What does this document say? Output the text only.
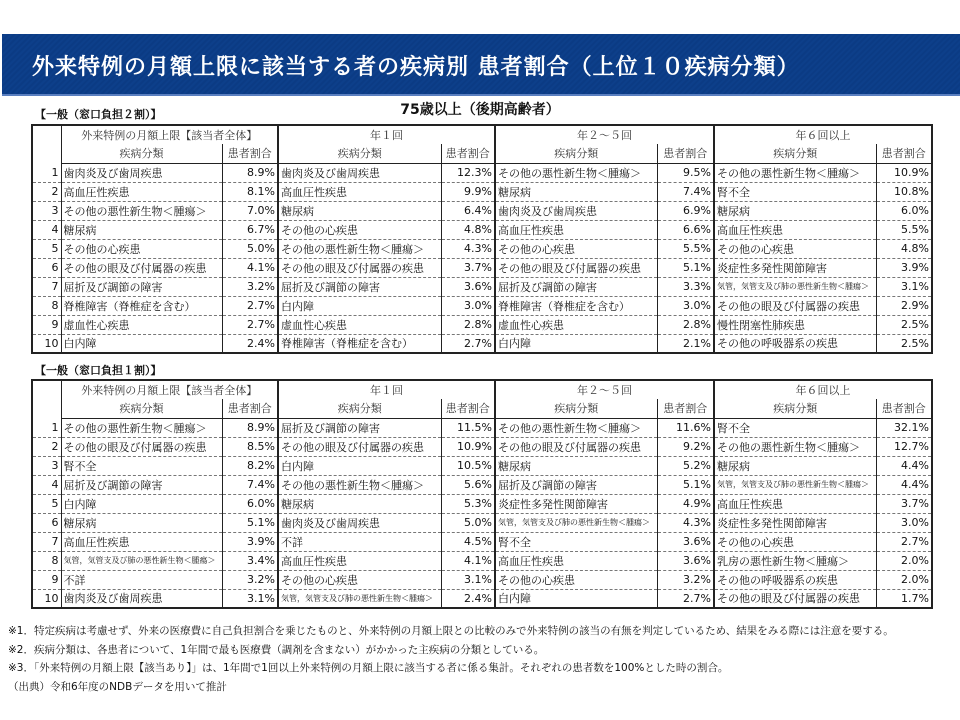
外来特例の月額上限に該当する者の疾病別 患者割合（上位１０疾病分類）
75歳以上（後期高齢者）
【一般（窓口負担２割）】
	外来特例の月額上限【該当者全体】		年１回		年２～５回		年６回以上	
	疾病分類	患者割合	疾病分類	患者割合	疾病分類	患者割合	疾病分類	患者割合
1	歯肉炎及び歯周疾患	8.9%	歯肉炎及び歯周疾患	12.3%	その他の悪性新生物＜腫瘍＞	9.5%	その他の悪性新生物＜腫瘍＞	10.9%
2	高血圧性疾患	8.1%	高血圧性疾患	9.9%	糖尿病	7.4%	腎不全	10.8%
3	その他の悪性新生物＜腫瘍＞	7.0%	糖尿病	6.4%	歯肉炎及び歯周疾患	6.9%	糖尿病	6.0%
4	糖尿病	6.7%	その他の心疾患	4.8%	高血圧性疾患	6.6%	高血圧性疾患	5.5%
5	その他の心疾患	5.0%	その他の悪性新生物＜腫瘍＞	4.3%	その他の心疾患	5.5%	その他の心疾患	4.8%
6	その他の眼及び付属器の疾患	4.1%	その他の眼及び付属器の疾患	3.7%	その他の眼及び付属器の疾患	5.1%	炎症性多発性関節障害	3.9%
7	屈折及び調節の障害	3.2%	屈折及び調節の障害	3.6%	屈折及び調節の障害	3.3%	気管，気管支及び肺の悪性新生物＜腫瘍＞	3.1%
8	脊椎障害（脊椎症を含む）	2.7%	白内障	3.0%	脊椎障害（脊椎症を含む）	3.0%	その他の眼及び付属器の疾患	2.9%
9	虚血性心疾患	2.7%	虚血性心疾患	2.8%	虚血性心疾患	2.8%	慢性閉塞性肺疾患	2.5%
10	白内障	2.4%	脊椎障害（脊椎症を含む）	2.7%	白内障	2.1%	その他の呼吸器系の疾患	2.5%
【一般（窓口負担１割）】
	外来特例の月額上限【該当者全体】		年１回		年２～５回		年６回以上	
	疾病分類	患者割合	疾病分類	患者割合	疾病分類	患者割合	疾病分類	患者割合
1	その他の悪性新生物＜腫瘍＞	8.9%	屈折及び調節の障害	11.5%	その他の悪性新生物＜腫瘍＞	11.6%	腎不全	32.1%
2	その他の眼及び付属器の疾患	8.5%	その他の眼及び付属器の疾患	10.9%	その他の眼及び付属器の疾患	9.2%	その他の悪性新生物＜腫瘍＞	12.7%
3	腎不全	8.2%	白内障	10.5%	糖尿病	5.2%	糖尿病	4.4%
4	屈折及び調節の障害	7.4%	その他の悪性新生物＜腫瘍＞	5.6%	屈折及び調節の障害	5.1%	気管，気管支及び肺の悪性新生物＜腫瘍＞	4.4%
5	白内障	6.0%	糖尿病	5.3%	炎症性多発性関節障害	4.9%	高血圧性疾患	3.7%
6	糖尿病	5.1%	歯肉炎及び歯周疾患	5.0%	気管，気管支及び肺の悪性新生物＜腫瘍＞	4.3%	炎症性多発性関節障害	3.0%
7	高血圧性疾患	3.9%	不詳	4.5%	腎不全	3.6%	その他の心疾患	2.7%
8	気管，気管支及び肺の悪性新生物＜腫瘍＞	3.4%	高血圧性疾患	4.1%	高血圧性疾患	3.6%	乳房の悪性新生物＜腫瘍＞	2.0%
9	不詳	3.2%	その他の心疾患	3.1%	その他の心疾患	3.2%	その他の呼吸器系の疾患	2.0%
10	歯肉炎及び歯周疾患	3.1%	気管，気管支及び肺の悪性新生物＜腫瘍＞	2.4%	白内障	2.7%	その他の眼及び付属器の疾患	1.7%
※1．特定疾病は考慮せず、外来の医療費に自己負担割合を乗じたものと、外来特例の月額上限との比較のみで外来特例の該当の有無を判定しているため、結果をみる際には注意を要する。
※2．疾病分類は、各患者について、1年間で最も医療費（調剤を含まない）がかかった主疾病の分類としている。
※3．「外来特例の月額上限【該当あり】」は、1年間で1回以上外来特例の月額上限に該当する者に係る集計。それぞれの患者数を100%とした時の割合。
（出典）令和6年度のNDBデータを用いて推計
